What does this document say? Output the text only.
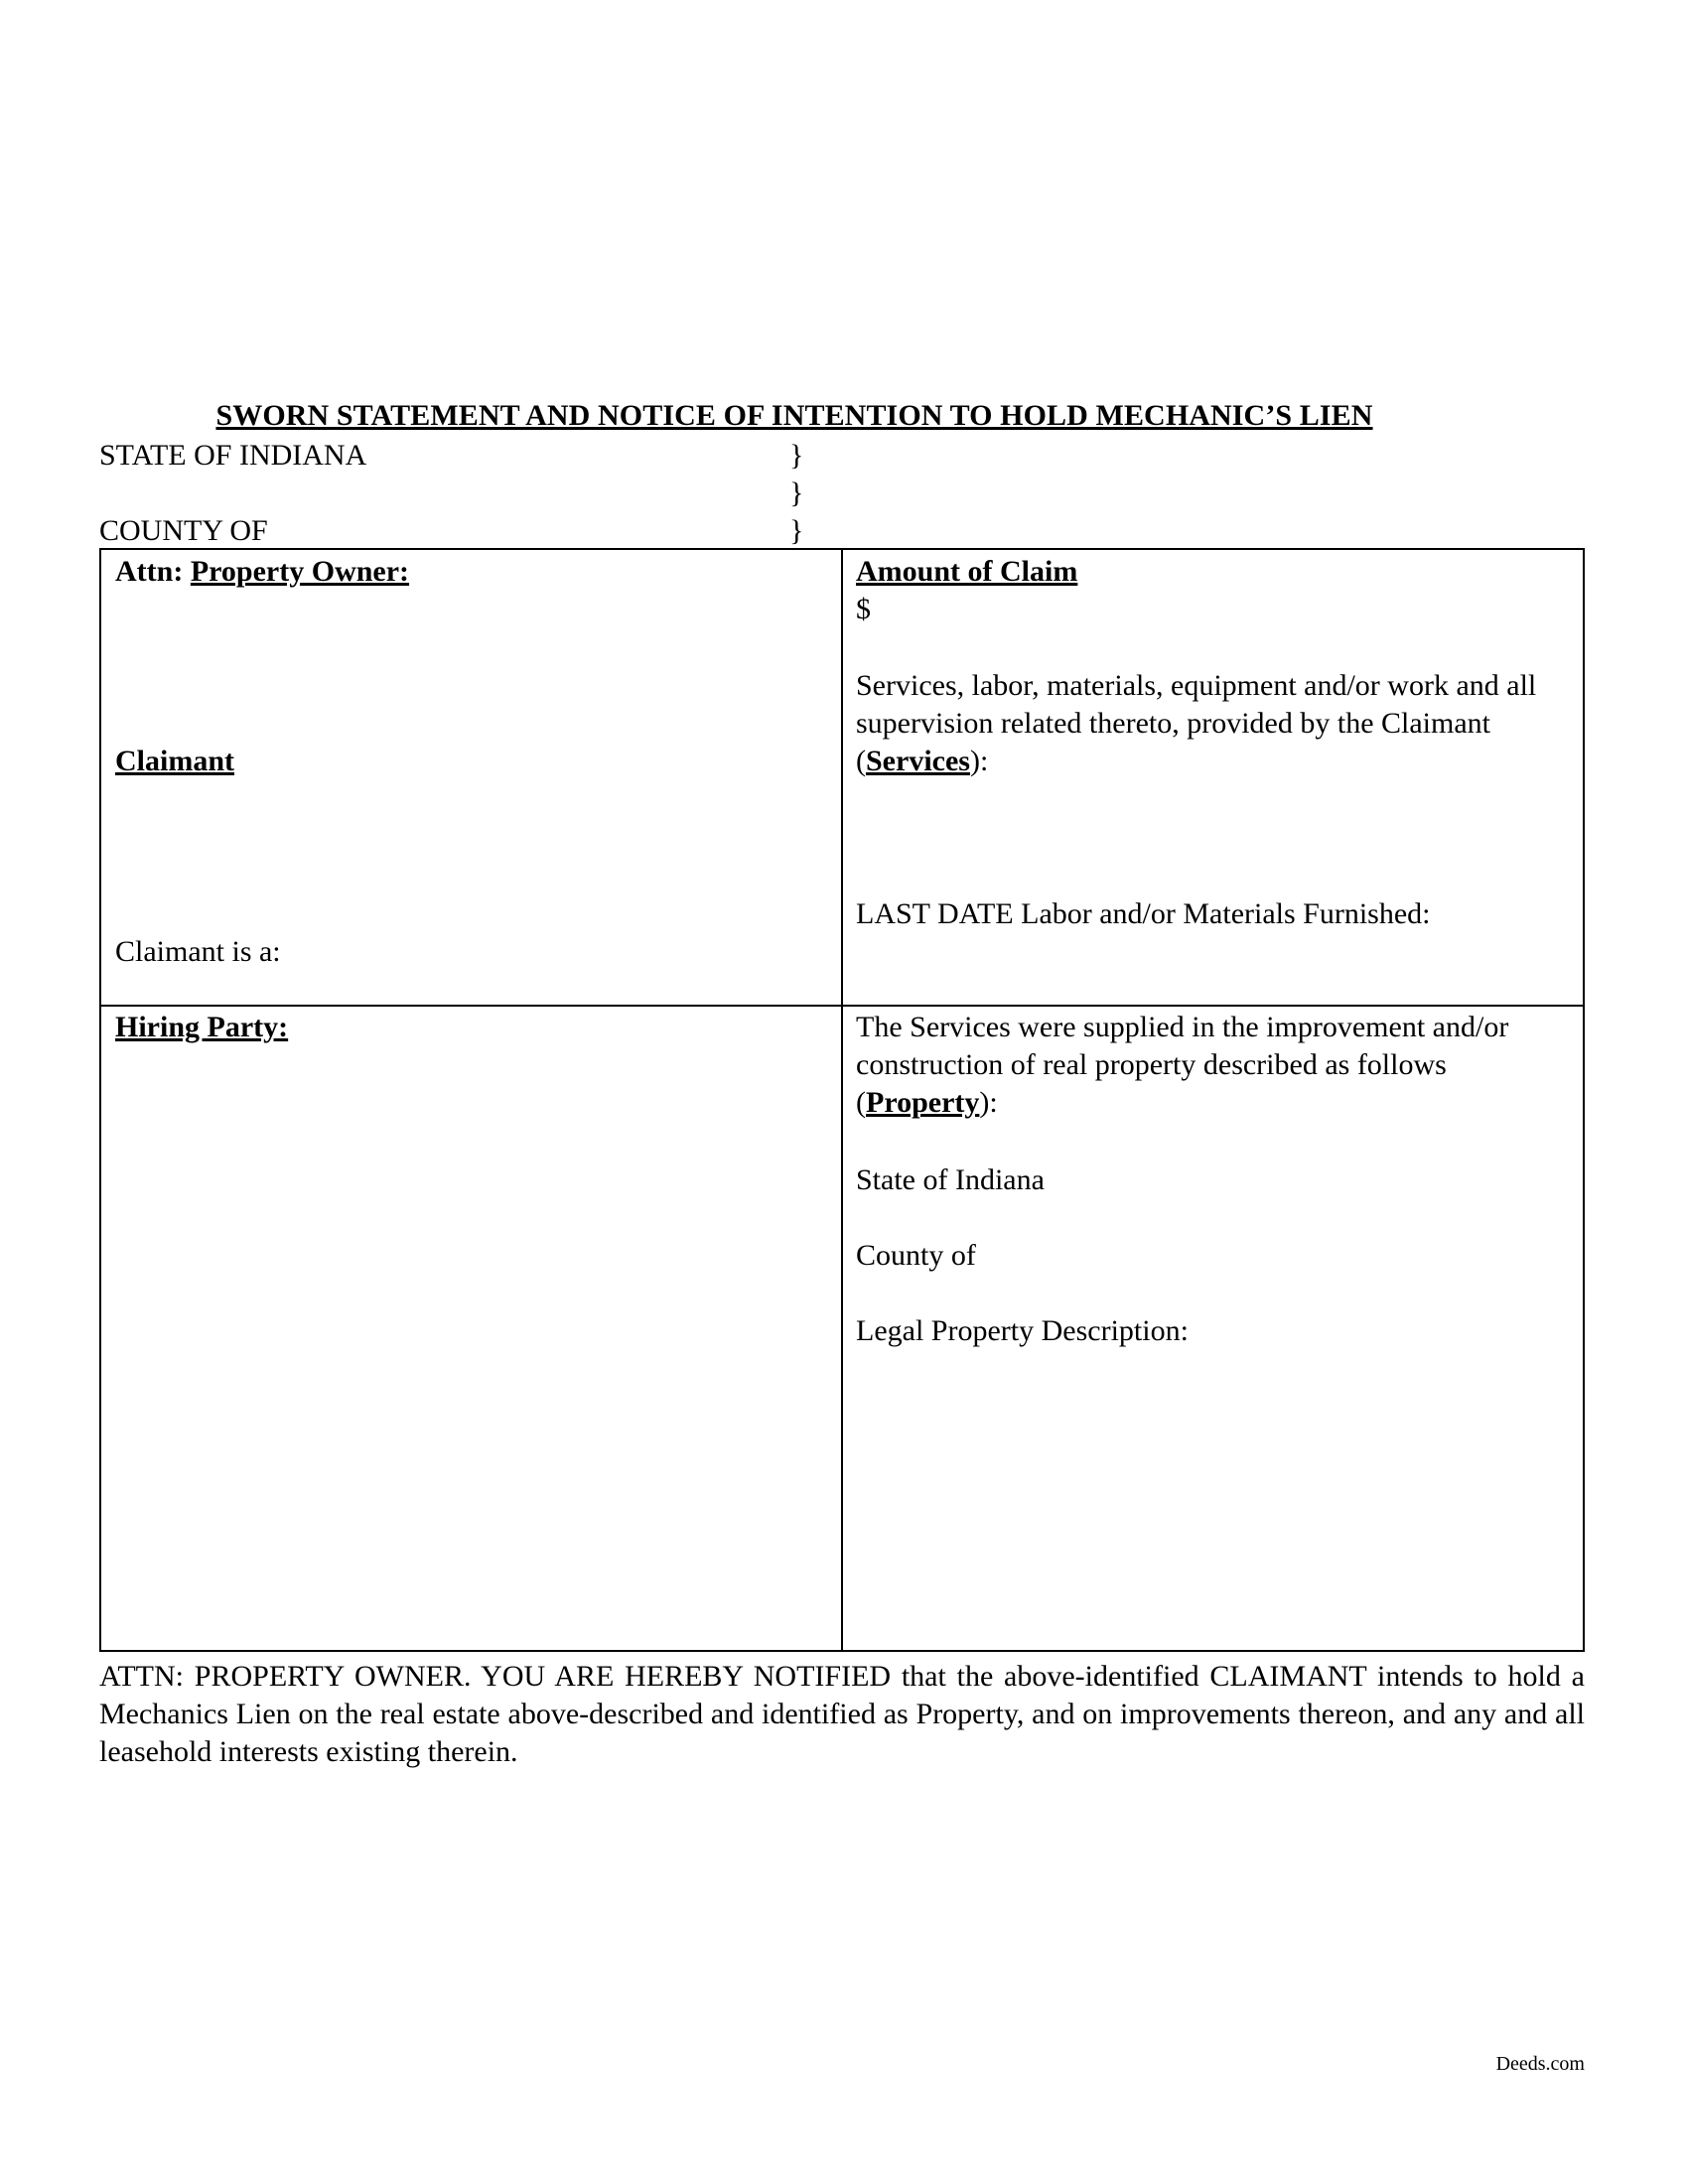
SWORN STATEMENT AND NOTICE OF INTENTION TO HOLD MECHANIC’S LIEN
STATE OF INDIANA
COUNTY OF
}
}
}
Attn: Property Owner:
Claimant
Claimant is a:
Amount of Claim
$
Services, labor, materials, equipment and/or work and all supervision related thereto, provided by the Claimant (Services):
LAST DATE Labor and/or Materials Furnished:
Hiring Party:	The Services were supplied in the improvement and/or construction of real property described as follows (Property):
State of Indiana
County of
Legal Property Description:
ATTN: PROPERTY OWNER. YOU ARE HEREBY NOTIFIED that the above-identified CLAIMANT intends to hold a Mechanics Lien on the real estate above-described and identified as Property, and on improvements thereon, and any and all leasehold interests existing therein.
Deeds.com
